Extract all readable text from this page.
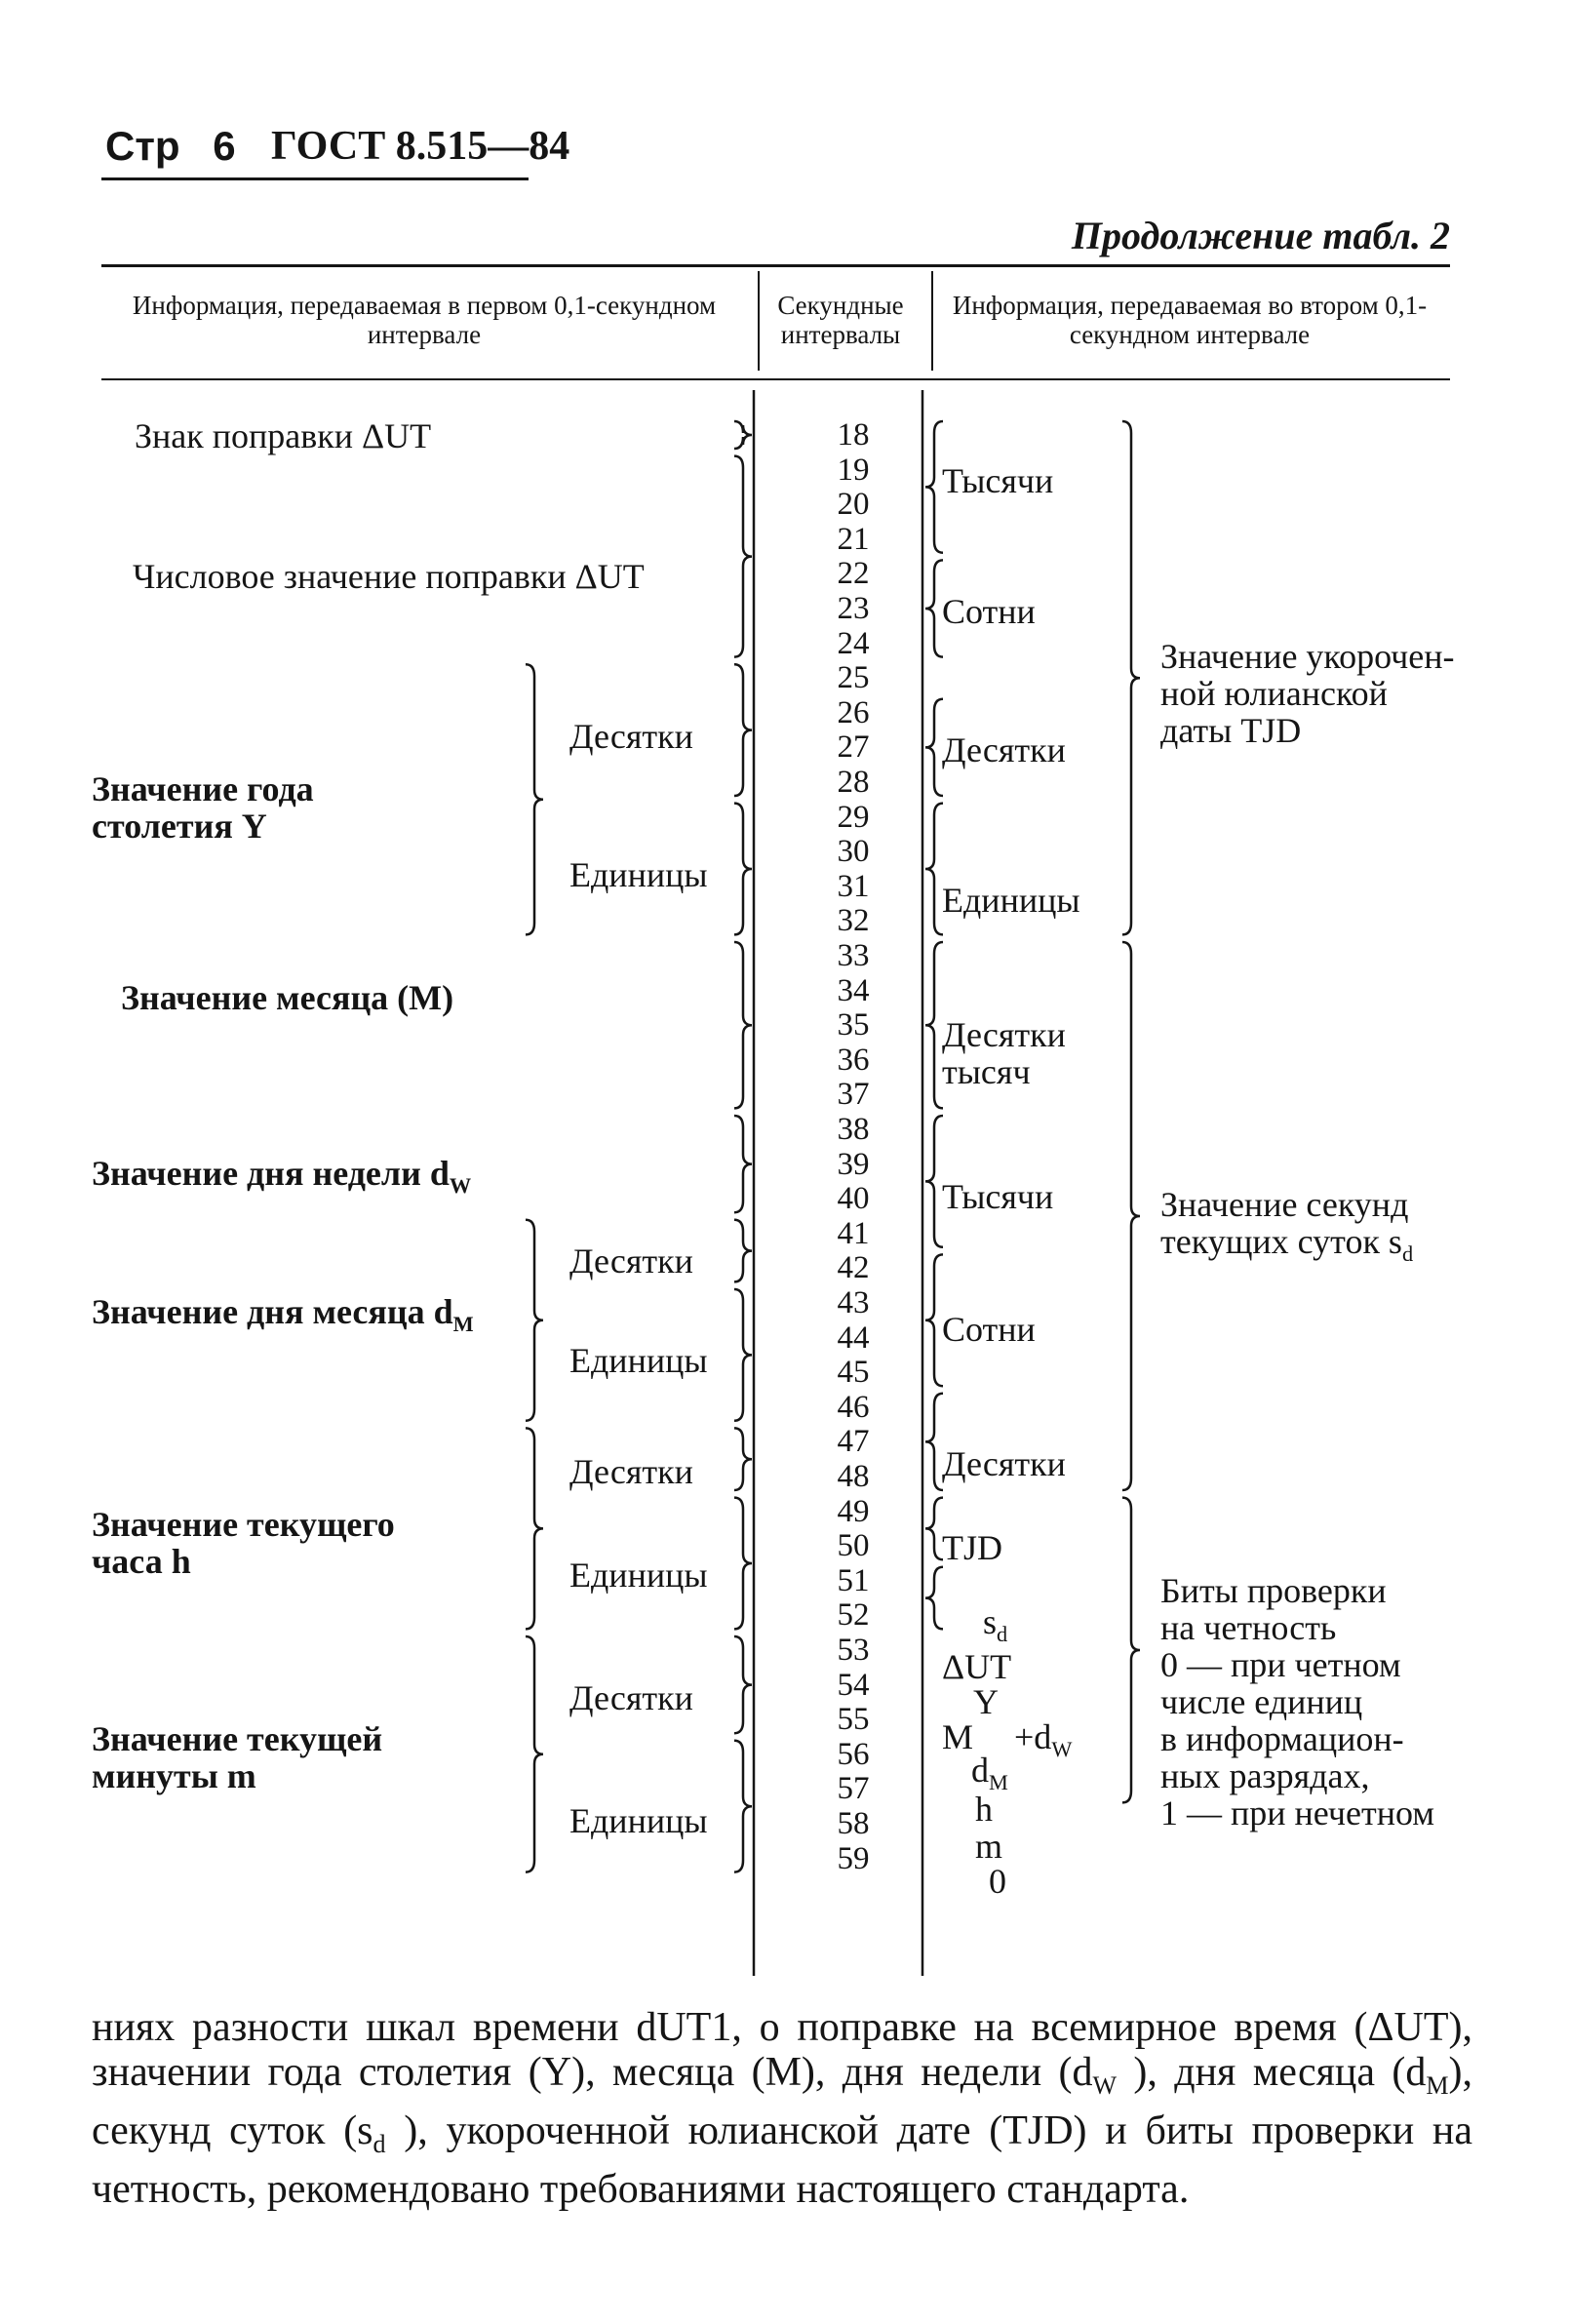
Стр 6 ГОСТ 8.515—84
Продолжение табл. 2
Информация, передаваемая в первом 0,1-секундном интервале
Секундные интервалы
Информация, передаваемая во втором 0,1-секундном интервале
18
19
20
21
22
23
24
25
26
27
28
29
30
31
32
33
34
35
36
37
38
39
40
41
42
43
44
45
46
47
48
49
50
51
52
53
54
55
56
57
58
59
Знак поправки ΔUT
Числовое значение поправки ΔUT
Значение года
столетия Y
Десятки
Единицы
Значение месяца (M)
Значение дня недели $d_W$
Значение дня месяца $d_M$
Десятки
Единицы
Значение текущего
часа h
Десятки
Единицы
Значение текущей
минуты m
Десятки
Единицы
Тысячи
Сотни
Десятки
Единицы
Десятки
тысяч
Тысячи
Сотни
Десятки
TJD
$s_d$
ΔUT
Y
$M +d_W$
$d_M$
h
m
0
Значение укорочен-
ной юлианской
даты TJD
Значение секунд
текущих суток $s_d$
Биты проверки
на четность
0 — при четном
числе единиц
в информацион-
ных разрядах,
1 — при нечетном
ниях разности шкал времени dUT1, о поправке на всемирное время (ΔUT), значении года столетия (Y), месяца (M), дня недели ($d_W$ ), дня месяца $(d_M)$, секунд суток ($s_d$ ), укороченной юлианской дате (TJD) и биты проверки на четность, рекомендовано требованиями настоящего стандарта.
